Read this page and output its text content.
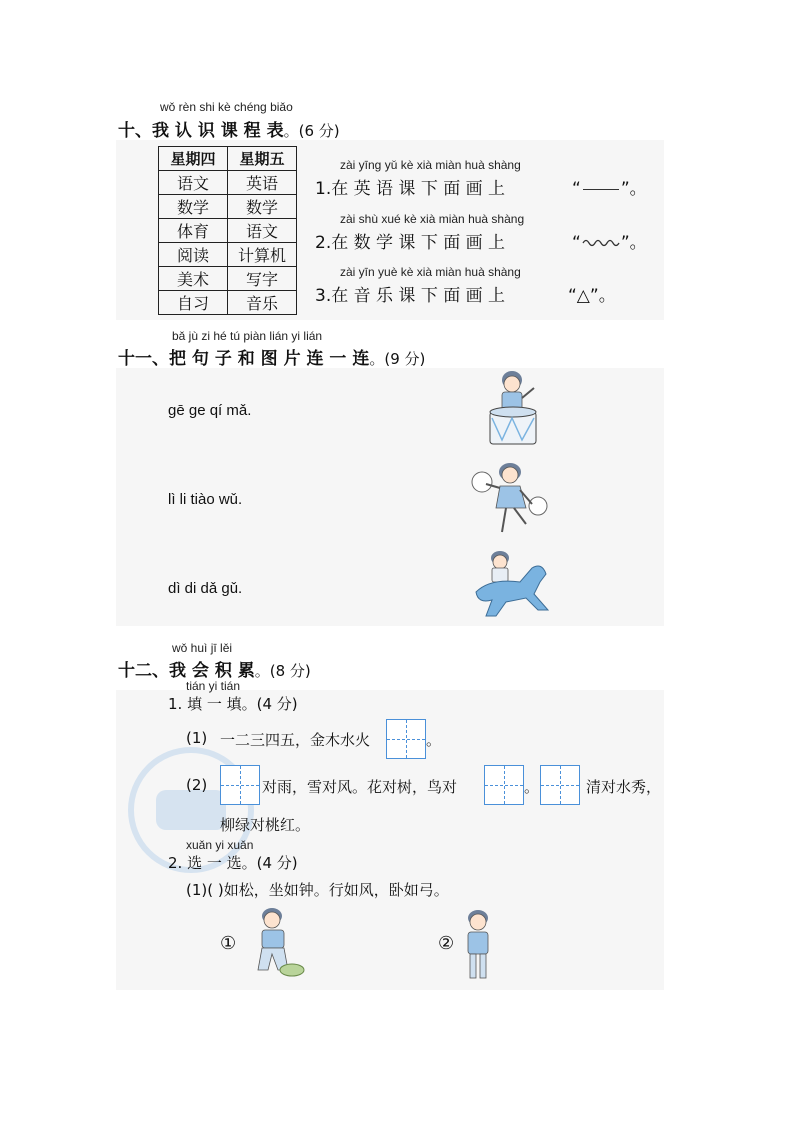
wǒ rèn shi kè chéng biǎo
十、我 认 识 课 程 表。(6 分)
星期四	星期五
语文	英语
数学	数学
体育	语文
阅读	计算机
美术	写字
自习	音乐
zài yīng yǔ kè xià miàn huà shàng
1.在 英 语 课 下 面 画 上	“ ”。
zài shù xué kè xià miàn huà shàng
2.在 数 学 课 下 面 画 上	“ ”。
zài yīn yuè kè xià miàn huà shàng
3.在 音 乐 课 下 面 画 上	“△”。
bǎ jù zi hé tú piàn lián yi lián
十一、把 句 子 和 图 片 连 一 连。(9 分)
gē ge qí mǎ.
lì li tiào wǔ.
dì di dǎ gǔ.
wǒ huì jī lěi
十二、我 会 积 累。(8 分)
tián yi tián
1. 填 一 填。(4 分)
(1) 一二三四五，金木水火	。
(2)	对雨，雪对风。花对树，鸟对	。	清对水秀，
柳绿对桃红。
xuǎn yi xuǎn
2. 选 一 选。(4 分)
(1)( )如松，坐如钟。行如风，卧如弓。
①	②
